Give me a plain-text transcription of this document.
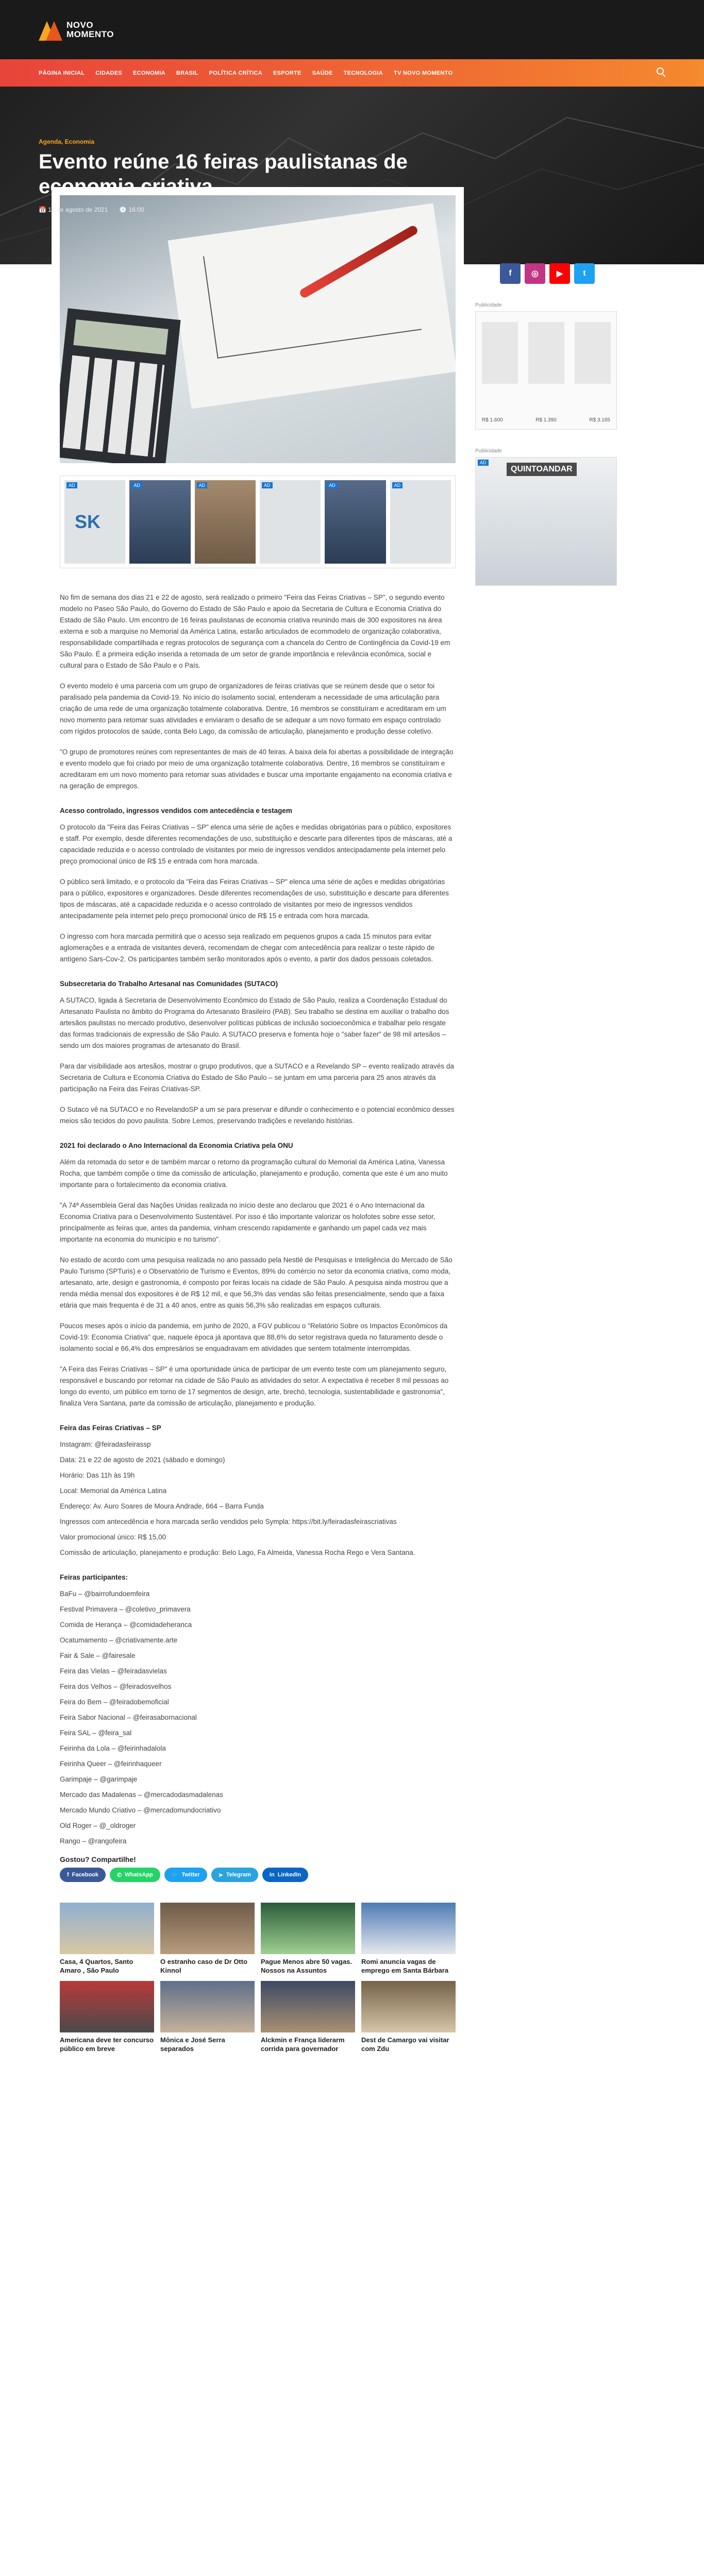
NOVO
MOMENTO
PÁGINA INICIAL CIDADES ECONOMIA BRASIL POLÍTICA CRÍTICA ESPORTE SAÚDE TECNOLOGIA TV NOVO MOMENTO
Agenda, Economia
Evento reúne 16 feiras paulistanas de economia criativa
📅 13 de agosto de 2021 🕓 16:00
AD
SK
AD	AD	AD	AD	AD

No fim de semana dos dias 21 e 22 de agosto, será realizado o primeiro "Feira das Feiras Criativas – SP", o segundo evento modelo no Paseo São Paulo, do Governo do Estado de São Paulo e apoio da Secretaria de Cultura e Economia Criativa do Estado de São Paulo. Um encontro de 16 feiras paulistanas de economia criativa reunindo mais de 300 expositores na área externa e sob a marquise no Memorial da América Latina, estarão articulados de ecommodelo de organização colaborativa, responsabilidade compartilhada e regras protocolos de segurança com a chancela do Centro de Contingência da Covid-19 em São Paulo. É a primeira edição inserida a retomada de um setor de grande importância e relevância econômica, social e cultural para o Estado de São Paulo e o País.

O evento modelo é uma parceria com um grupo de organizadores de feiras criativas que se reúnem desde que o setor foi paralisado pela pandemia da Covid-19. No início do isolamento social, entenderam a necessidade de uma articulação para criação de uma rede de uma organização totalmente colaborativa. Dentre, 16 membros se constituíram e acreditaram em um novo momento para retomar suas atividades e enviaram o desafio de se adequar a um novo formato em espaço controlado com rígidos protocolos de saúde, conta Belo Lago, da comissão de articulação, planejamento e produção desse coletivo.

"O grupo de promotores reúnes com representantes de mais de 40 feiras. A baixa dela foi abertas a possibilidade de integração e evento modelo que foi criado por meio de uma organização totalmente colaborativa. Dentre, 16 membros se constituíram e acreditaram em um novo momento para retomar suas atividades e buscar uma importante engajamento na economia criativa e na geração de empregos.

Acesso controlado, ingressos vendidos com antecedência e testagem

O protocolo da "Feira das Feiras Criativas – SP" elenca uma série de ações e medidas obrigatórias para o público, expositores e staff. Por exemplo, desde diferentes recomendações de uso, substituição e descarte para diferentes tipos de máscaras, até a capacidade reduzida e o acesso controlado de visitantes por meio de ingressos vendidos antecipadamente pela internet pelo preço promocional único de R$ 15 e entrada com hora marcada.

O público será limitado, e o protocolo da "Feira das Feiras Criativas – SP" elenca uma série de ações e medidas obrigatórias para o público, expositores e organizadores. Desde diferentes recomendações de uso, substituição e descarte para diferentes tipos de máscaras, até a capacidade reduzida e o acesso controlado de visitantes por meio de ingressos vendidos antecipadamente pela internet pelo preço promocional único de R$ 15 e entrada com hora marcada.

O ingresso com hora marcada permitirá que o acesso seja realizado em pequenos grupos a cada 15 minutos para evitar aglomerações e a entrada de visitantes deverá, recomendam de chegar com antecedência para realizar o teste rápido de antígeno Sars-Cov-2. Os participantes também serão monitorados após o evento, a partir dos dados pessoais coletados.

Subsecretaria do Trabalho Artesanal nas Comunidades (SUTACO)

A SUTACO, ligada à Secretaria de Desenvolvimento Econômico do Estado de São Paulo, realiza a Coordenação Estadual do Artesanato Paulista no âmbito do Programa do Artesanato Brasileiro (PAB). Seu trabalho se destina em auxiliar o trabalho dos artesãos paulistas no mercado produtivo, desenvolver políticas públicas de inclusão socioeconômica e trabalhar pelo resgate das formas tradicionais de expressão de São Paulo. A SUTACO preserva e fomenta hoje o "saber fazer" de 98 mil artesãos – sendo um dos maiores programas de artesanato do Brasil.

Para dar visibilidade aos artesãos, mostrar o grupo produtivos, que a SUTACO e a Revelando SP – evento realizado através da Secretaria de Cultura e Economia Criativa do Estado de São Paulo – se juntam em uma parceria para 25 anos através da participação na Feira das Feiras Criativas-SP.

O Sutaco vê na SUTACO e no RevelandoSP a um se para preservar e difundir o conhecimento e o potencial econômico desses meios são tecidos do povo paulista. Sobre Lemos, preservando tradições e revelando histórias.

2021 foi declarado o Ano Internacional da Economia Criativa pela ONU

Além da retomada do setor e de também marcar o retorno da programação cultural do Memorial da América Latina, Vanessa Rocha, que também compõe o time da comissão de articulação, planejamento e produção, comenta que este é um ano muito importante para o fortalecimento da economia criativa.

"A 74ª Assembleia Geral das Nações Unidas realizada no início deste ano declarou que 2021 é o Ano Internacional da Economia Criativa para o Desenvolvimento Sustentável. Por isso é tão importante valorizar os holofotes sobre esse setor, principalmente as feiras que, antes da pandemia, vinham crescendo rapidamente e ganhando um papel cada vez mais importante na economia do município e no turismo".

No estado de acordo com uma pesquisa realizada no ano passado pela Nestlé de Pesquisas e Inteligência do Mercado de São Paulo Turismo (SPTuris) e o Observatório de Turismo e Eventos, 89% do comércio no setor da economia criativa, como moda, artesanato, arte, design e gastronomia, é composto por feiras locais na cidade de São Paulo. A pesquisa ainda mostrou que a renda média mensal dos expositores é de R$ 12 mil, e que 56,3% das vendas são feitas presencialmente, sendo que a faixa etária que mais frequenta é de 31 a 40 anos, entre as quais 56,3% são realizadas em espaços culturais.

Poucos meses após o início da pandemia, em junho de 2020, a FGV publicou o "Relatório Sobre os Impactos Econômicos da Covid-19: Economia Criativa" que, naquele época já apontava que 88,6% do setor registrava queda no faturamento desde o isolamento social e 66,4% dos empresários se enquadravam em atividades que sentem totalmente interrompidas.

"A Feira das Feiras Criativas – SP" é uma oportunidade única de participar de um evento teste com um planejamento seguro, responsável e buscando por retomar na cidade de São Paulo as atividades do setor. A expectativa é receber 8 mil pessoas ao longo do evento, um público em torno de 17 segmentos de design, arte, brechó, tecnologia, sustentabilidade e gastronomia", finaliza Vera Santana, parte da comissão de articulação, planejamento e produção.

Feira das Feiras Criativas – SP

Instagram: @feiradasfeirassp

Data: 21 e 22 de agosto de 2021 (sábado e domingo)

Horário: Das 11h às 19h

Local: Memorial da América Latina

Endereço: Av. Auro Soares de Moura Andrade, 664 – Barra Funda

Ingressos com antecedência e hora marcada serão vendidos pelo Sympla: https://bit.ly/feiradasfeirascriativas

Valor promocional único: R$ 15,00

Comissão de articulação, planejamento e produção: Belo Lago, Fa Almeida, Vanessa Rocha Rego e Vera Santana.

Feiras participantes:

BaFu – @bairrofundoemfeira

Festival Primavera – @coletivo_primavera

Comida de Herança – @comidadeheranca

Ocatumamento – @criativamente.arte

Fair & Sale – @fairesale

Feira das Vielas – @feiradasvielas

Feira dos Velhos – @feiradosvelhos

Feira do Bem – @feiradobemoficial

Feira Sabor Nacional – @feirasabornacional

Feira SAL – @feira_sal

Feirinha da Lola – @feirinhadalola

Feirinha Queer – @feirinhaqueer

Garimpaje – @garimpaje

Mercado das Madalenas – @mercadodasmadalenas

Mercado Mundo Criativo – @mercadomundocriativo

Old Roger – @_oldroger

Rango – @rangofeira

Gostou? Compartilhe!
f Facebook	✆ WhatsApp	🐦 Twitter	➤ Telegram	in LinkedIn
Casa, 4 Quartos, Santo Amaro , São Paulo
O estranho caso de Dr Otto Kinnol
Pague Menos abre 50 vagas. Nossos na Assuntos
Romi anuncia vagas de emprego em Santa Bárbara
Americana deve ter concurso público em breve
Mônica e José Serra separados
Alckmin e França liderarm corrida para governador
Dest de Camargo vai visitar com Zdu
Siga-nos
f	◎	▶	t
Publicidade
R$ 1.600	R$ 1.390	R$ 3.165
Publicidade
AD
QUINTOANDAR
